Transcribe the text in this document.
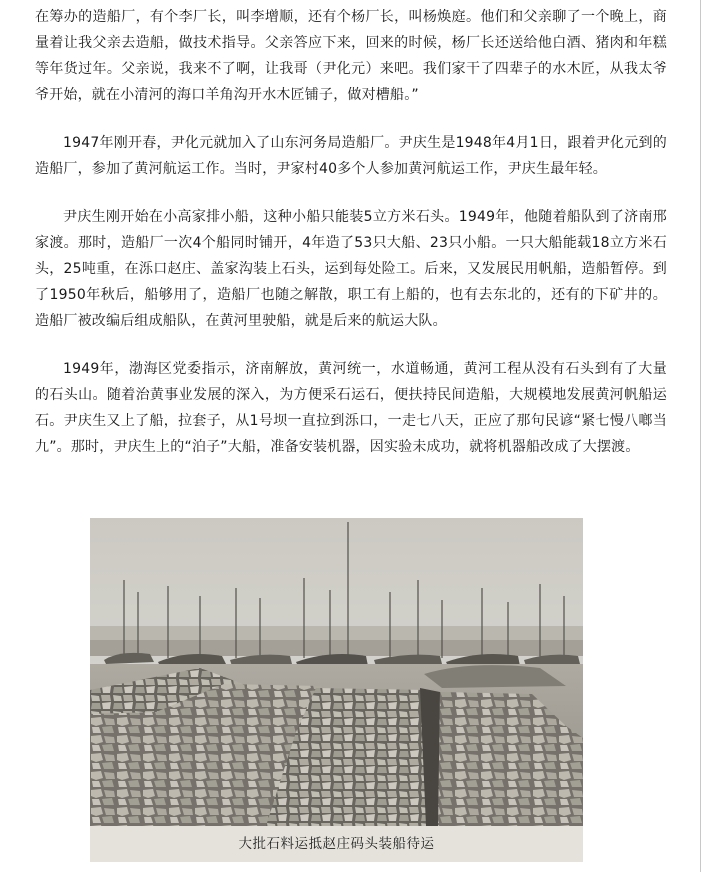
在筹办的造船厂，有个李厂长，叫李增顺，还有个杨厂长，叫杨焕庭。他们和父亲聊了一个晚上，商量着让我父亲去造船，做技术指导。父亲答应下来，回来的时候，杨厂长还送给他白酒、猪肉和年糕等年货过年。父亲说，我来不了啊，让我哥（尹化元）来吧。我们家干了四辈子的水木匠，从我太爷爷开始，就在小清河的海口羊角沟开水木匠铺子，做对槽船。”

1947年刚开春，尹化元就加入了山东河务局造船厂。尹庆生是1948年4月1日，跟着尹化元到的造船厂，参加了黄河航运工作。当时，尹家村40多个人参加黄河航运工作，尹庆生最年轻。

尹庆生刚开始在小高家排小船，这种小船只能装5立方米石头。1949年，他随着船队到了济南邢家渡。那时，造船厂一次4个船同时铺开，4年造了53只大船、23只小船。一只大船能载18立方米石头，25吨重，在泺口赵庄、盖家沟装上石头，运到每处险工。后来，又发展民用帆船，造船暂停。到了1950年秋后，船够用了，造船厂也随之解散，职工有上船的，也有去东北的，还有的下矿井的。造船厂被改编后组成船队，在黄河里驶船，就是后来的航运大队。

1949年，渤海区党委指示，济南解放，黄河统一，水道畅通，黄河工程从没有石头到有了大量的石头山。随着治黄事业发展的深入，为方便采石运石，便扶持民间造船，大规模地发展黄河帆船运石。尹庆生又上了船，拉套子，从1号坝一直拉到泺口，一走七八天，正应了那句民谚“紧七慢八啷当九”。那时，尹庆生上的“泊子”大船，准备安装机器，因实验未成功，就将机器船改成了大摆渡。

大批石料运抵赵庄码头装船待运
